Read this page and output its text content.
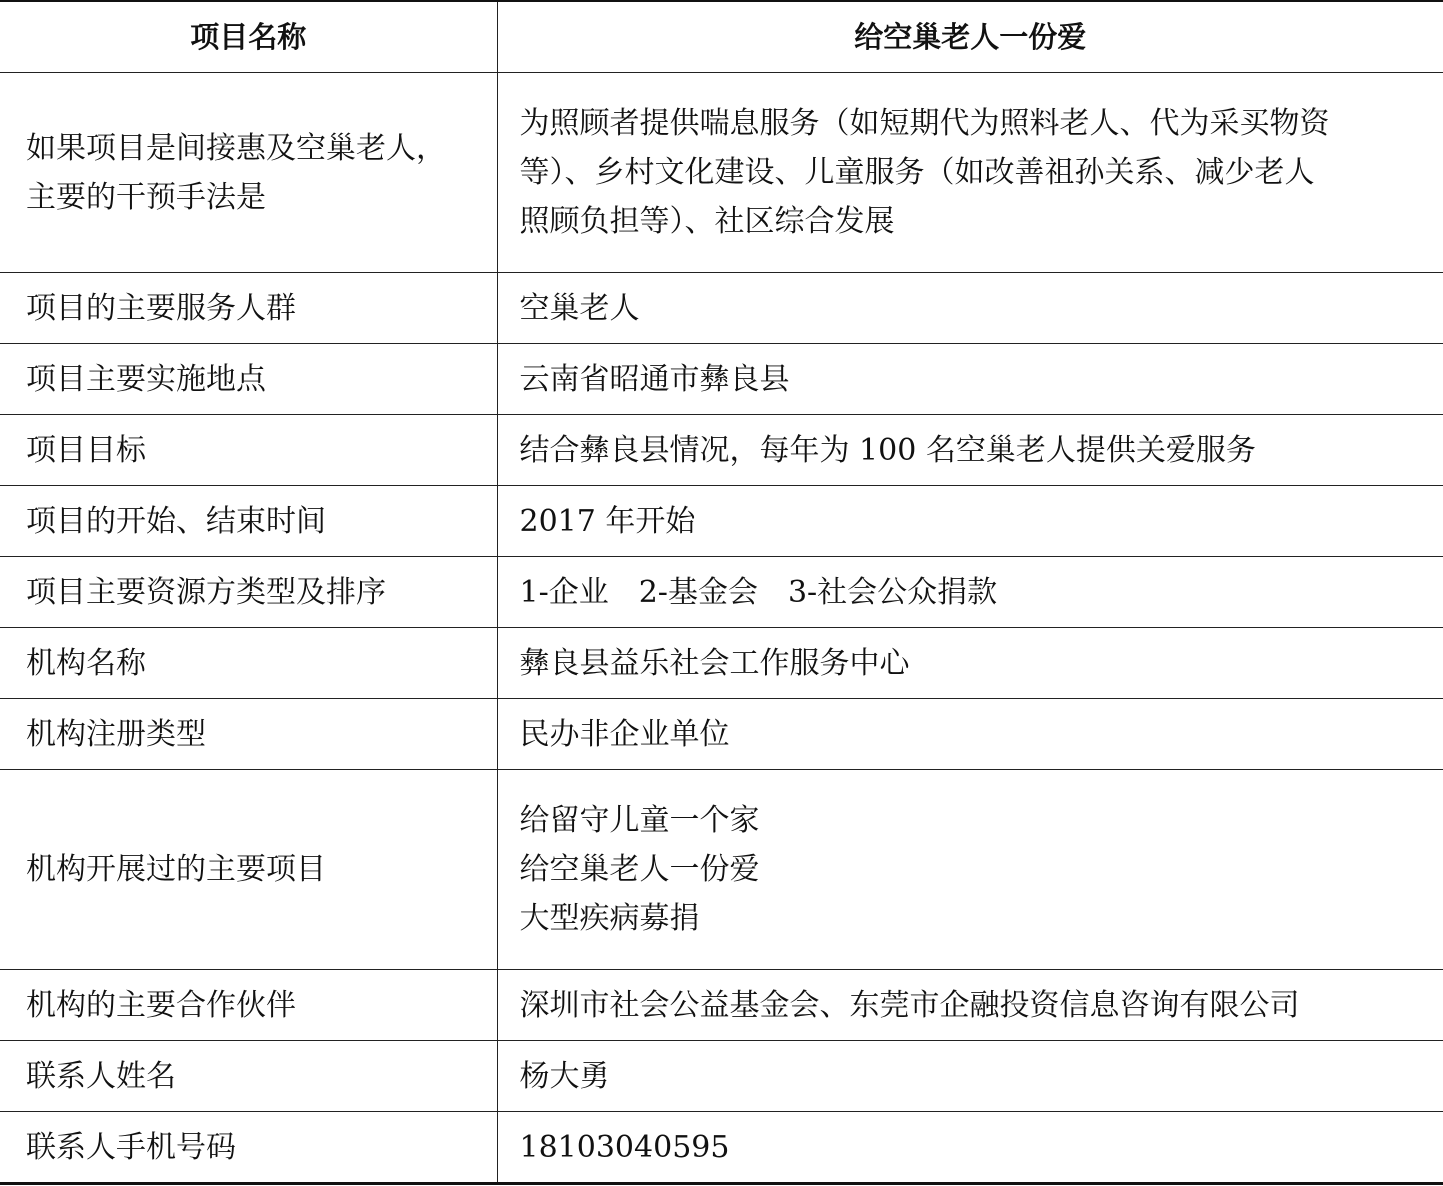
项目名称	给空巢老人一份爱

如果项目是间接惠及空巢老人，
主要的干预手法是	为照顾者提供喘息服务（如短期代为照料老人、代为采买物资
等）、乡村文化建设、儿童服务（如改善祖孙关系、减少老人
照顾负担等）、社区综合发展

项目的主要服务人群	空巢老人
项目主要实施地点	云南省昭通市彝良县
项目目标	结合彝良县情况，每年为 100 名空巢老人提供关爱服务
项目的开始、结束时间	2017 年开始
项目主要资源方类型及排序	1-企业　2-基金会　3-社会公众捐款
机构名称	彝良县益乐社会工作服务中心
机构注册类型	民办非企业单位
机构开展过的主要项目	给留守儿童一个家
给空巢老人一份爱
大型疾病募捐

机构的主要合作伙伴	深圳市社会公益基金会、东莞市企融投资信息咨询有限公司
联系人姓名	杨大勇
联系人手机号码	18103040595
